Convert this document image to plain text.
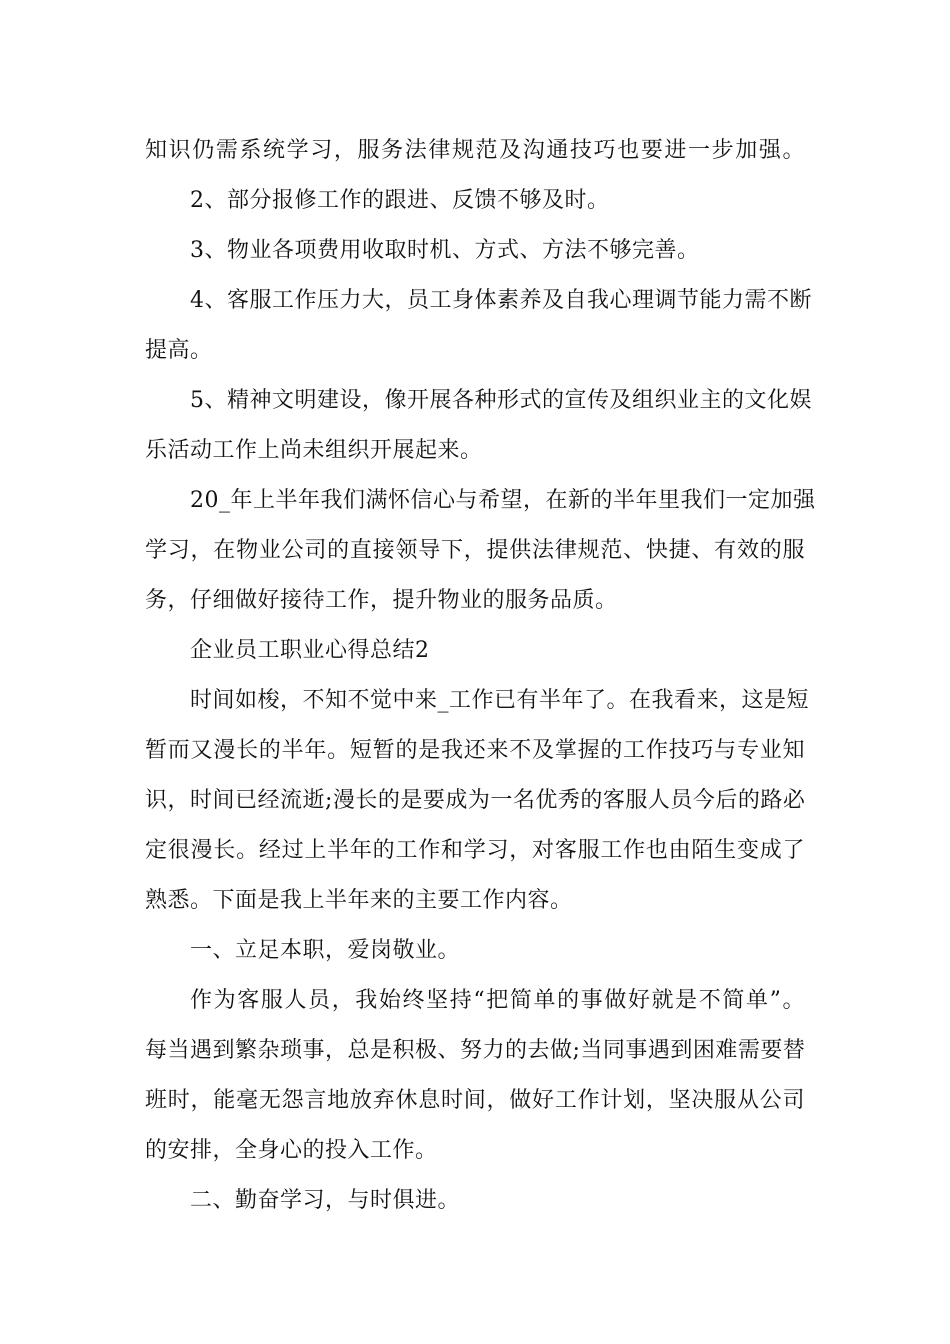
知识仍需系统学习，服务法律规范及沟通技巧也要进一步加强。
2、部分报修工作的跟进、反馈不够及时。
3、物业各项费用收取时机、方式、方法不够完善。
4、客服工作压力大，员工身体素养及自我心理调节能力需不断
提高。
5、精神文明建设，像开展各种形式的宣传及组织业主的文化娱
乐活动工作上尚未组织开展起来。
20_年上半年我们满怀信心与希望，在新的半年里我们一定加强
学习，在物业公司的直接领导下，提供法律规范、快捷、有效的服
务，仔细做好接待工作，提升物业的服务品质。
企业员工职业心得总结2
时间如梭，不知不觉中来_工作已有半年了。在我看来，这是短
暂而又漫长的半年。短暂的是我还来不及掌握的工作技巧与专业知
识，时间已经流逝;漫长的是要成为一名优秀的客服人员今后的路必
定很漫长。经过上半年的工作和学习，对客服工作也由陌生变成了
熟悉。下面是我上半年来的主要工作内容。
一、立足本职，爱岗敬业。
作为客服人员，我始终坚持“把简单的事做好就是不简单”。
每当遇到繁杂琐事，总是积极、努力的去做;当同事遇到困难需要替
班时，能毫无怨言地放弃休息时间，做好工作计划，坚决服从公司
的安排，全身心的投入工作。
二、勤奋学习，与时俱进。
